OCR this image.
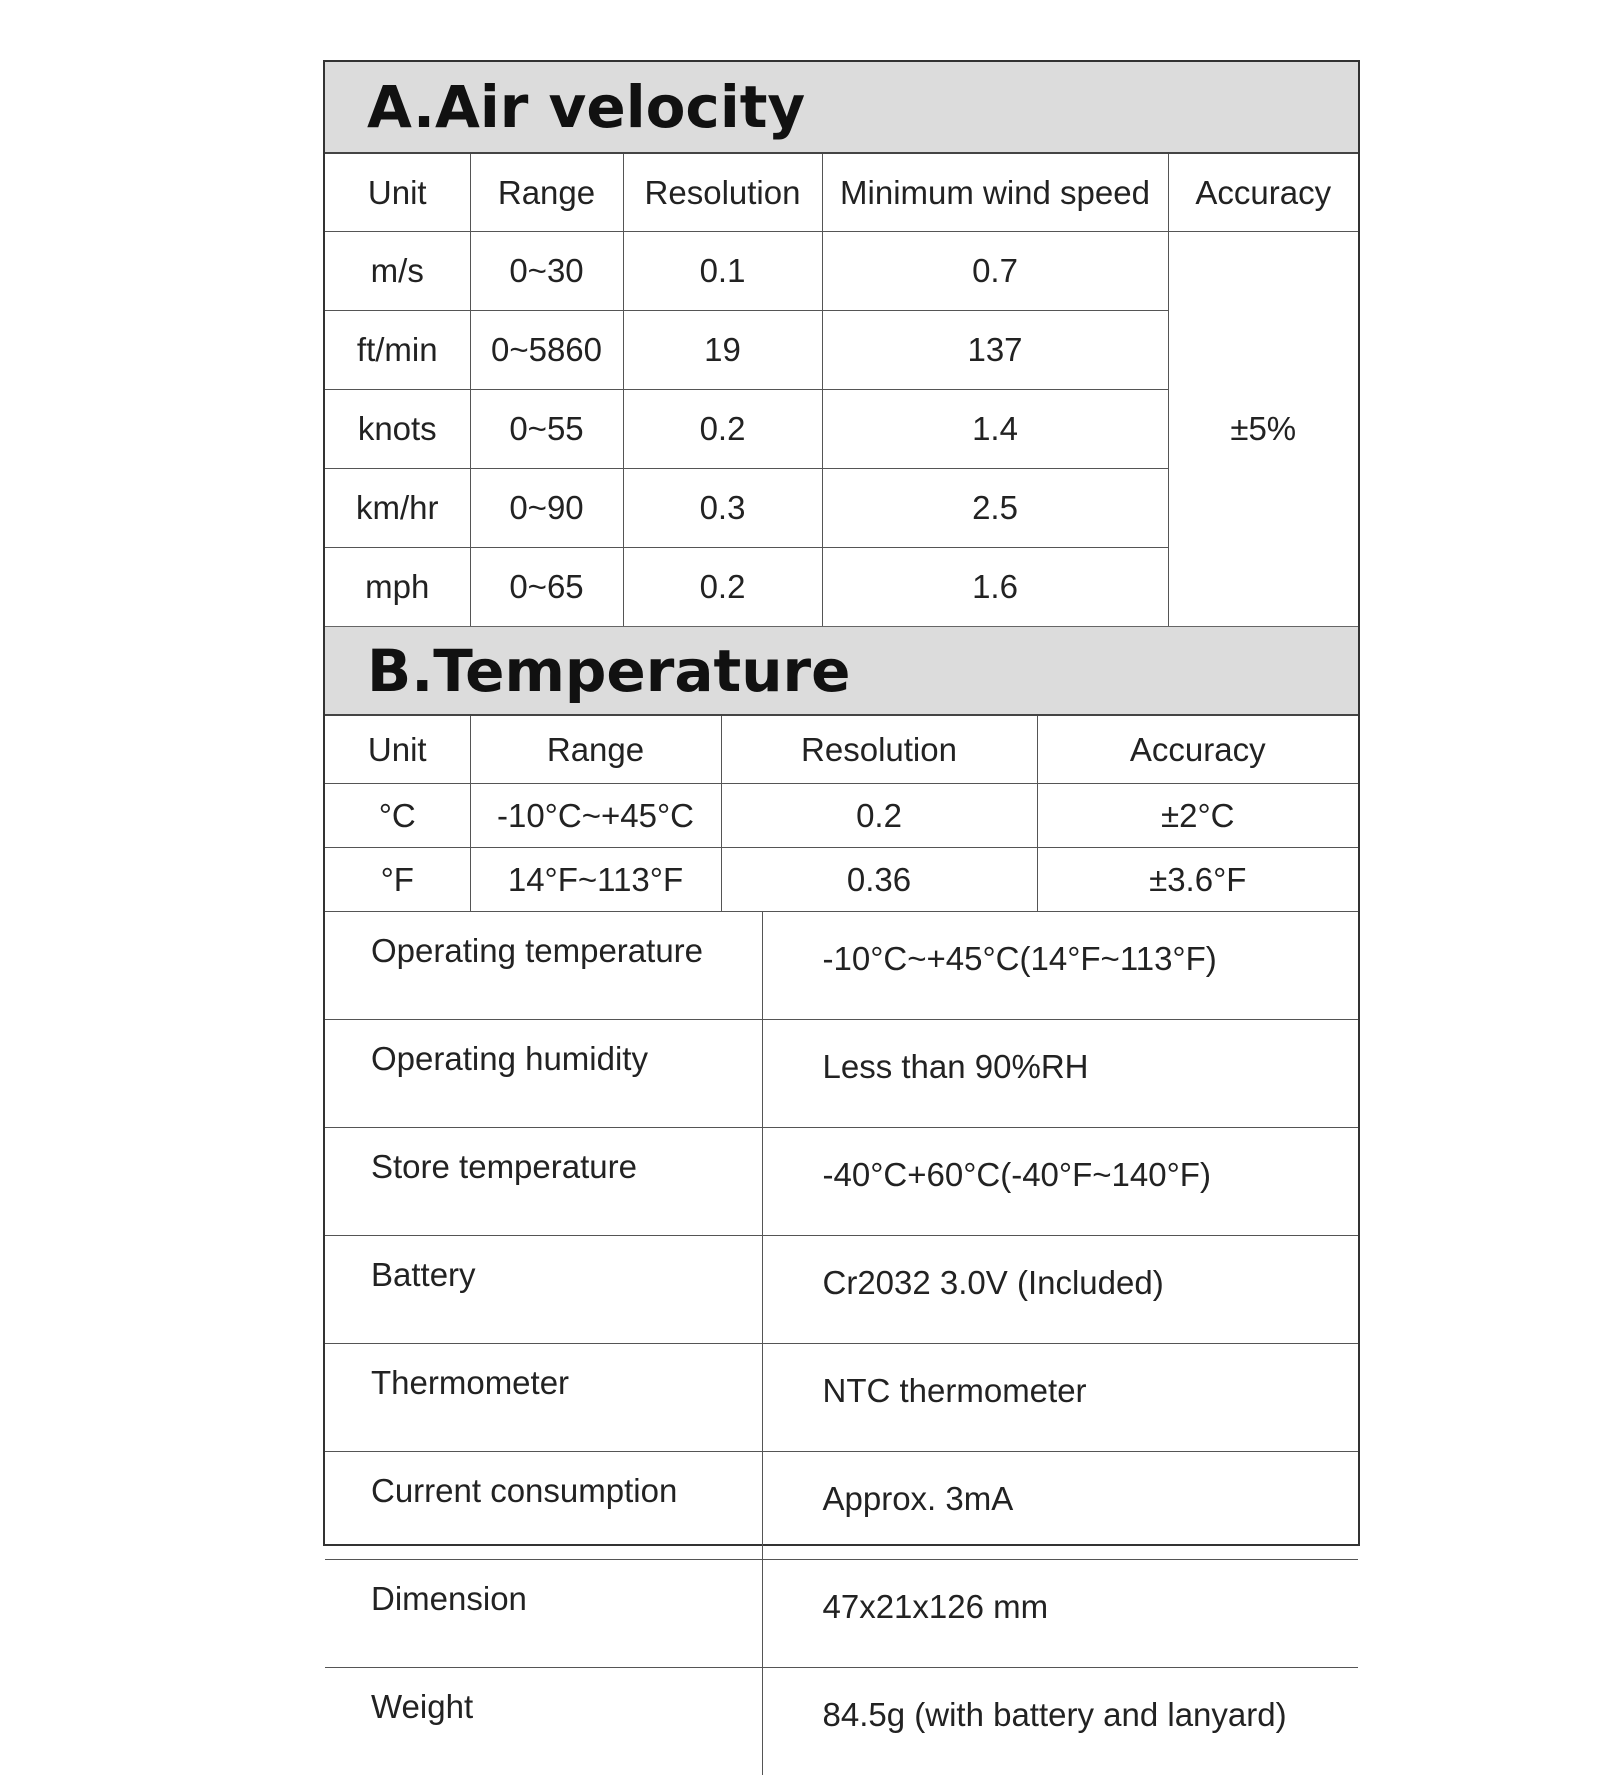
A.Air velocity
Unit	Range	Resolution	Minimum wind speed	Accuracy
m/s	0~30	0.1	0.7	±5%
ft/min	0~5860	19	137	
knots	0~55	0.2	1.4	
km/hr	0~90	0.3	2.5	
mph	0~65	0.2	1.6	
B.Temperature
Unit	Range	Resolution	Accuracy
°C	-10°C~+45°C	0.2	±2°C
°F	14°F~113°F	0.36	±3.6°F
Operating temperature	-10°C~+45°C(14°F~113°F)
Operating humidity	Less than 90%RH
Store temperature	-40°C+60°C(-40°F~140°F)
Battery	Cr2032 3.0V (Included)
Thermometer	NTC thermometer
Current consumption	Approx. 3mA
Dimension	47x21x126 mm
Weight	84.5g (with battery and lanyard)
